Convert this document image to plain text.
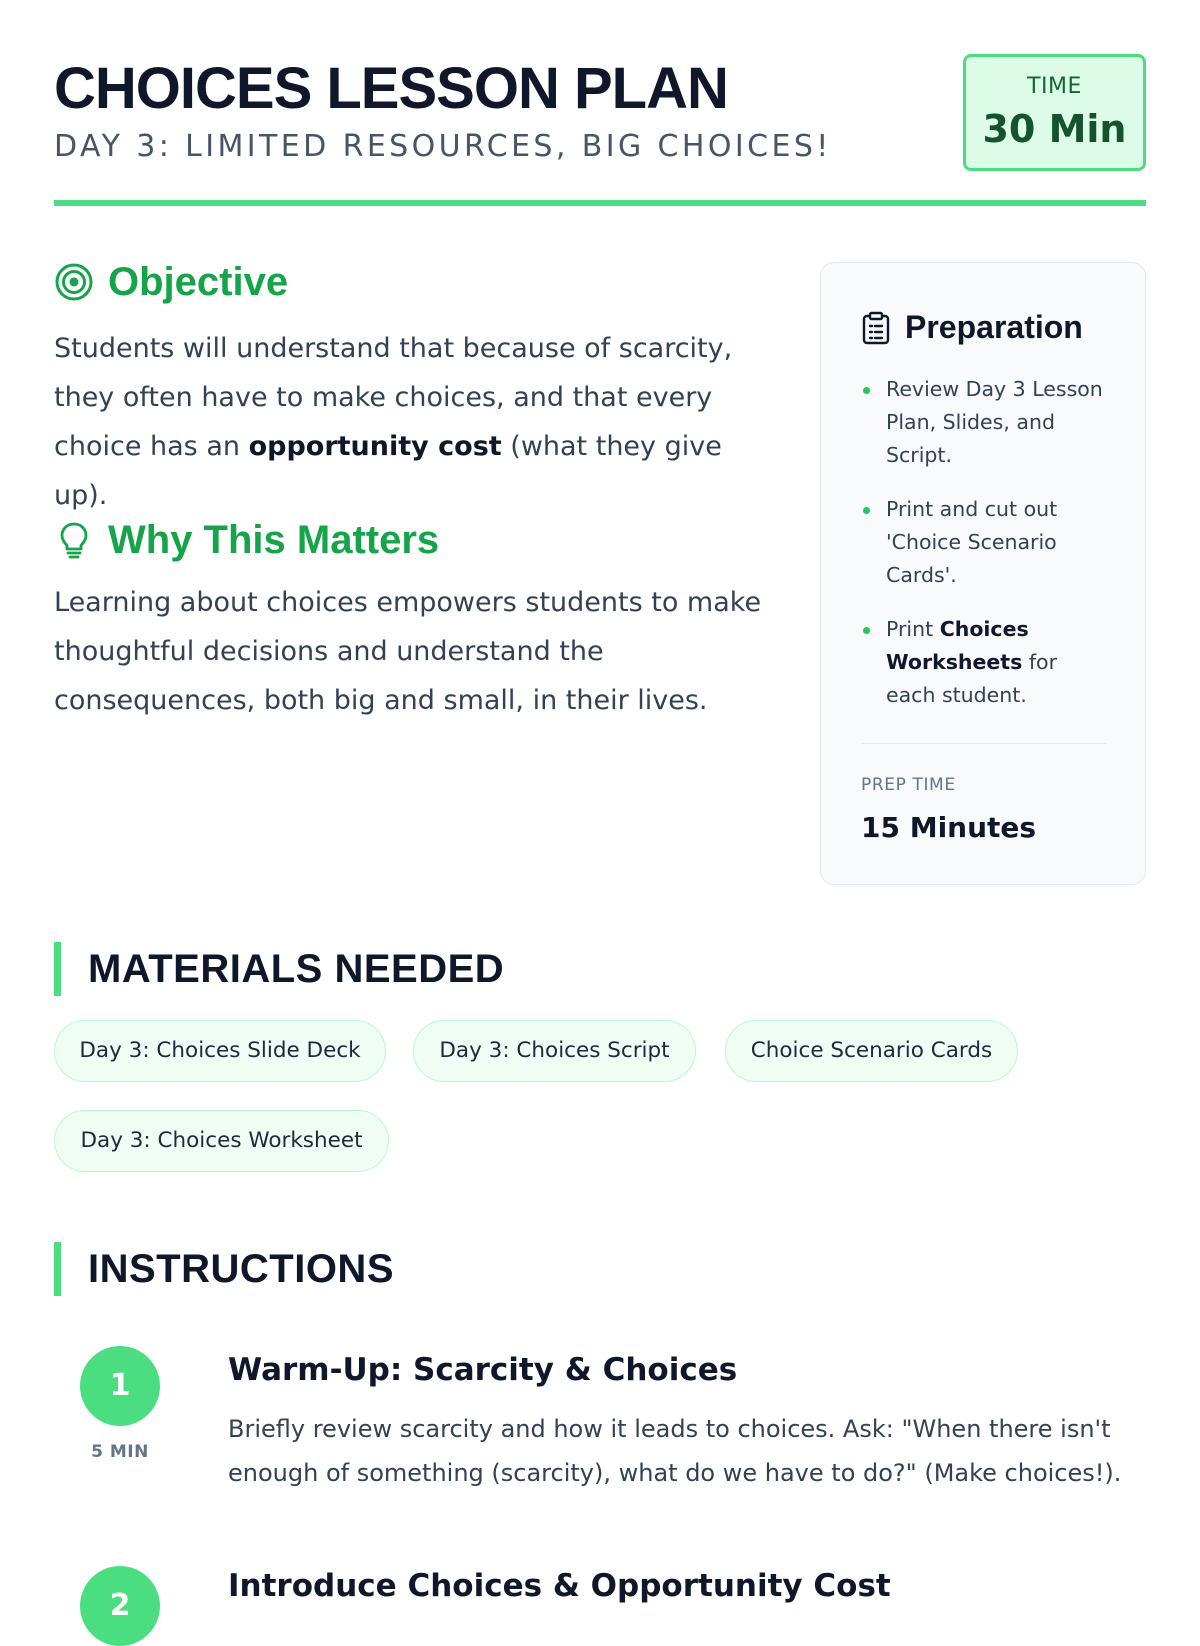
CHOICES LESSON PLAN

DAY 3: LIMITED RESOURCES, BIG CHOICES!

TIME
30 Min
Objective

Students will understand that because of scarcity, they often have to make choices, and that every choice has an opportunity cost (what they give up).

Why This Matters

Learning about choices empowers students to make thoughtful decisions and understand the consequences, both big and small, in their lives.

Preparation
Review Day 3 Lesson Plan, Slides, and Script.
Print and cut out 'Choice Scenario Cards'.
Print Choices Worksheets for each student.
PREP TIME
15 Minutes
MATERIALS NEEDED
Day 3: Choices Slide Deck	Day 3: Choices Script	Choice Scenario Cards
Day 3: Choices Worksheet
INSTRUCTIONS
1
5 MIN
Warm-Up: Scarcity & Choices

Briefly review scarcity and how it leads to choices. Ask: "When there isn't enough of something (scarcity), what do we have to do?" (Make choices!).

2
Introduce Choices & Opportunity Cost
